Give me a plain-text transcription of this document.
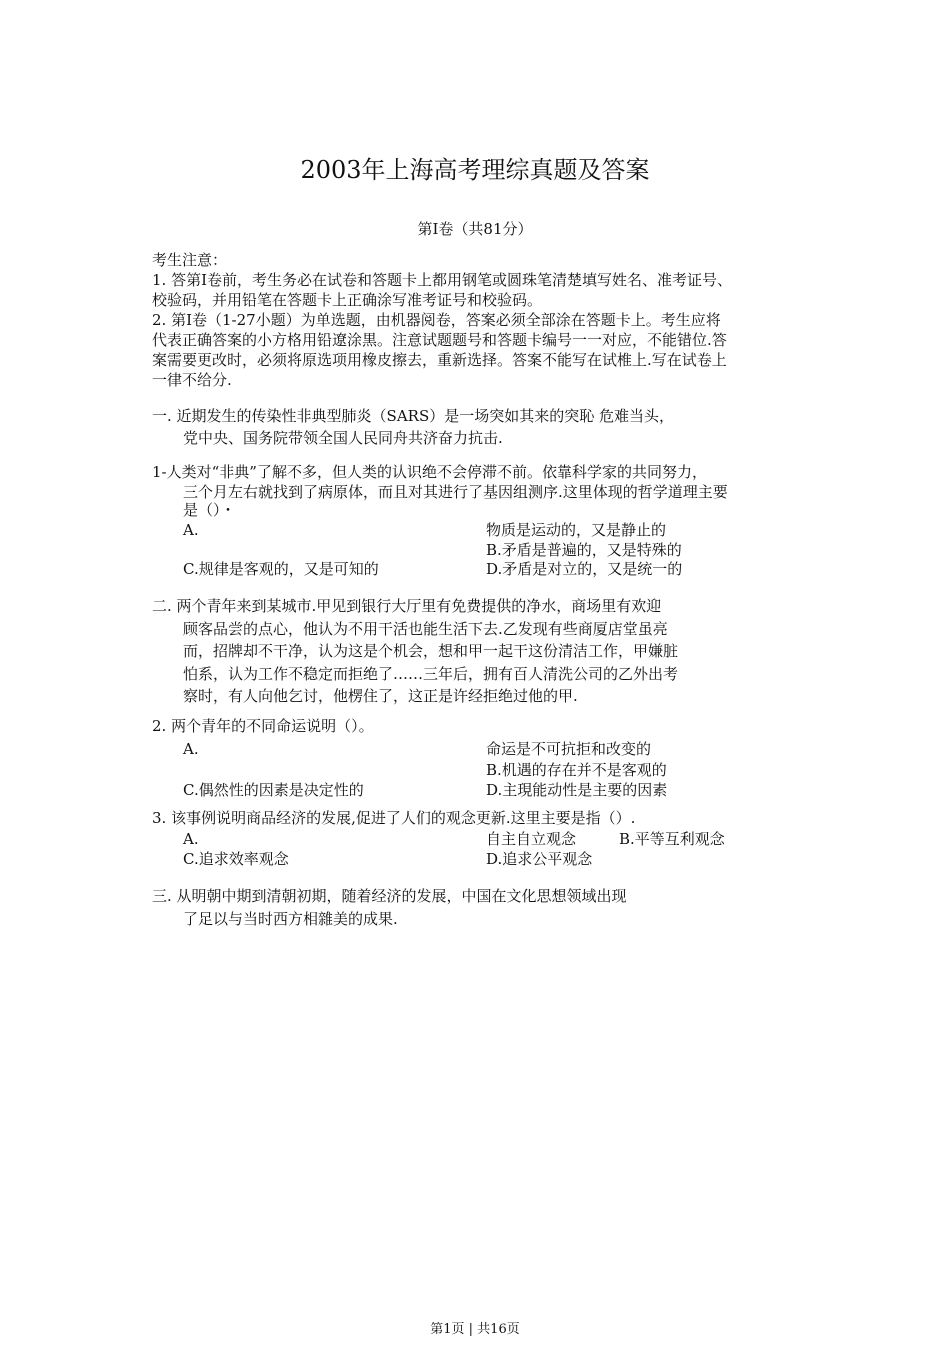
2003年上海高考理综真题及答案
第I卷（共81分）
考生注意：
1. 答第I卷前，考生务必在试卷和答题卡上都用钢笔或圆珠笔清楚填写姓名、准考证号、
校验码，并用铅笔在答题卡上正确涂写准考证号和校验码。
2. 第I卷（1-27小题）为单选题，由机器阅卷，答案必须全部涂在答题卡上。考生应将
代表正确答案的小方格用铅遼涂黒。注意试题题号和答题卡编号一一对应，不能错位.答
案需要更改时，必须将原选项用橡皮擦去，重新选择。答案不能写在试椎上.写在试卷上
一律不给分.
一. 近期发生的传染性非典型肺炎（SARS）是一场突如其来的突恥 危难当头，
党中央、国务院带领全国人民同舟共济奋力抗击.
1-人类对“非典”了解不多，但人类的认识绝不会停滞不前。依靠科学家的共同努力，
三个月左右就找到了病原体，而且对其进行了基因组测序.这里体现的哲学道理主要
是（）・
A.	物质是运动的，又是静止的
B.矛盾是普遍的，又是特殊的
C.规律是客观的，又是可知的	D.矛盾是对立的，又是统一的
二. 两个青年来到某城市.甲见到银行大厅里有免费提供的净水，商场里有欢迎
顾客品尝的点心，他认为不用干活也能生活下去.乙发现有些商厦店堂虽亮
而，招牌却不干净，认为这是个机会，想和甲一起干这份清洁工作，甲嫌脏
怕系，认为工作不稳定而拒绝了……三年后，拥有百人清洗公司的乙外出考
察时，有人向他乞讨，他楞住了，这正是许经拒绝过他的甲.
2. 两个青年的不同命运说明（）。
A.	命运是不可抗拒和改变的
B.机遇的存在并不是客观的
C.偶然性的因素是决定性的	D.主現能动性是主要的因素
3. 该事例说明商品经济的发展,促进了人们的观念更新.这里主要是指（）.
A.	自主自立观念	B.平等互利观念
C.追求效率观念	D.追求公平观念
三. 从明朝中期到清朝初期，随着经济的发展，中国在文化思想领域出现
了足以与当时西方相雜美的成果.
第1页 | 共16页
